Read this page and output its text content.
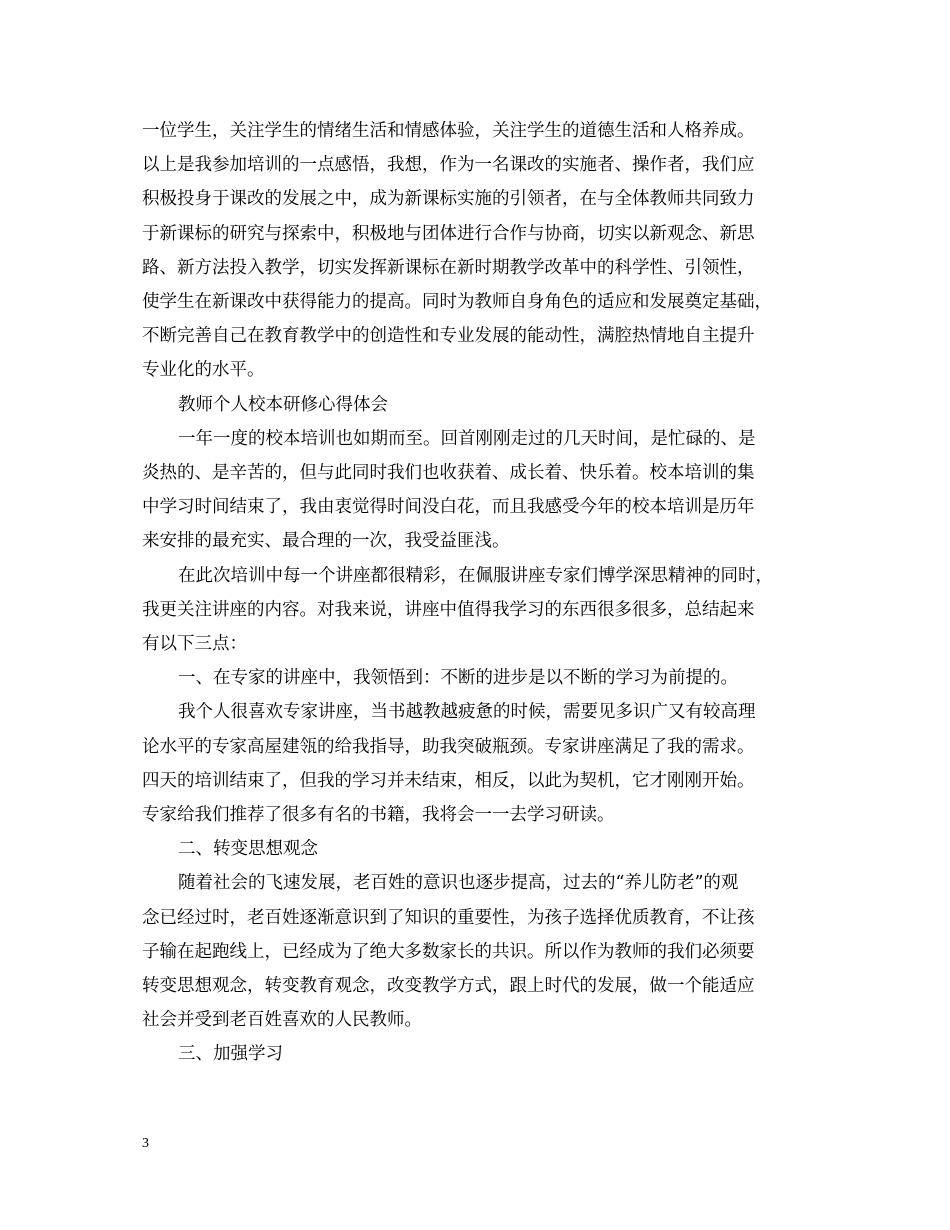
一位学生，关注学生的情绪生活和情感体验，关注学生的道德生活和人格养成。
以上是我参加培训的一点感悟，我想，作为一名课改的实施者、操作者，我们应
积极投身于课改的发展之中，成为新课标实施的引领者，在与全体教师共同致力
于新课标的研究与探索中，积极地与团体进行合作与协商，切实以新观念、新思
路、新方法投入教学，切实发挥新课标在新时期教学改革中的科学性、引领性，
使学生在新课改中获得能力的提高。同时为教师自身角色的适应和发展奠定基础，
不断完善自己在教育教学中的创造性和专业发展的能动性，满腔热情地自主提升
专业化的水平。
教师个人校本研修心得体会
一年一度的校本培训也如期而至。回首刚刚走过的几天时间，是忙碌的、是
炎热的、是辛苦的，但与此同时我们也收获着、成长着、快乐着。校本培训的集
中学习时间结束了，我由衷觉得时间没白花，而且我感受今年的校本培训是历年
来安排的最充实、最合理的一次，我受益匪浅。
在此次培训中每一个讲座都很精彩，在佩服讲座专家们博学深思精神的同时，
我更关注讲座的内容。对我来说，讲座中值得我学习的东西很多很多，总结起来
有以下三点：
一、在专家的讲座中，我领悟到：不断的进步是以不断的学习为前提的。
我个人很喜欢专家讲座，当书越教越疲惫的时候，需要见多识广又有较高理
论水平的专家高屋建瓴的给我指导，助我突破瓶颈。专家讲座满足了我的需求。
四天的培训结束了，但我的学习并未结束，相反，以此为契机，它才刚刚开始。
专家给我们推荐了很多有名的书籍，我将会一一去学习研读。
二、转变思想观念
随着社会的飞速发展，老百姓的意识也逐步提高，过去的“养儿防老”的观
念已经过时，老百姓逐渐意识到了知识的重要性，为孩子选择优质教育，不让孩
子输在起跑线上，已经成为了绝大多数家长的共识。所以作为教师的我们必须要
转变思想观念，转变教育观念，改变教学方式，跟上时代的发展，做一个能适应
社会并受到老百姓喜欢的人民教师。
三、加强学习
3
